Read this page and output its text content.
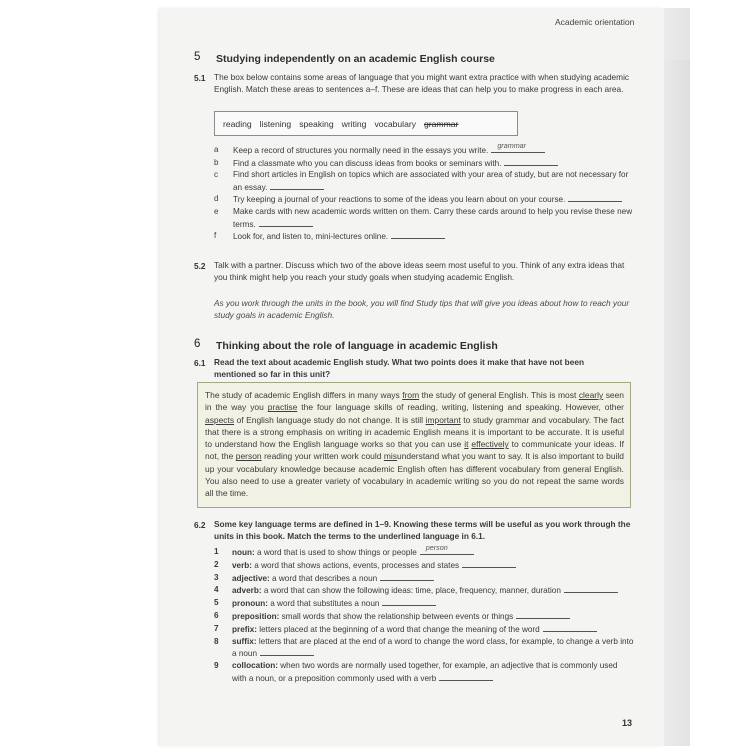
Academic orientation
5 Studying independently on an academic English course
5.1 The box below contains some areas of language that you might want extra practice with when studying academic English. Match these areas to sentences a–f. These are ideas that can help you to make progress in each area.
reading listening speaking writing vocabulary grammar
a	Keep a record of structures you normally need in the essays you write.
grammar
b	Find a classmate who you can discuss ideas from books or seminars with.
c	Find short articles in English on topics which are associated with your area of study, but are not necessary for an essay.
d	Try keeping a journal of your reactions to some of the ideas you learn about on your course.
e	Make cards with new academic words written on them. Carry these cards around to help you revise these new terms.
f	Look for, and listen to, mini-lectures online.
5.2 Talk with a partner. Discuss which two of the above ideas seem most useful to you. Think of any extra ideas that you think might help you reach your study goals when studying academic English.
As you work through the units in the book, you will find Study tips that will give you ideas about how to reach your study goals in academic English.
6 Thinking about the role of language in academic English
6.1 Read the text about academic English study. What two points does it make that have not been mentioned so far in this unit?
The study of academic English differs in many ways from the study of general English. This is most clearly seen in the way you practise the four language skills of reading, writing, listening and speaking. However, other aspects of English language study do not change. It is still important to study grammar and vocabulary. The fact that there is a strong emphasis on writing in academic English means it is important to be accurate. It is useful to understand how the English language works so that you can use it effectively to communicate your ideas. If not, the person reading your written work could misunderstand what you want to say. It is also important to build up your vocabulary knowledge because academic English often has different vocabulary from general English. You also need to use a greater variety of vocabulary in academic writing so you do not repeat the same words all the time.
6.2 Some key language terms are defined in 1–9. Knowing these terms will be useful as you work through the units in this book. Match the terms to the underlined language in 6.1.
1	noun: a word that is used to show things or people
person
2	verb: a word that shows actions, events, processes and states
3	adjective: a word that describes a noun
4	adverb: a word that can show the following ideas: time, place, frequency, manner, duration
5	pronoun: a word that substitutes a noun
6	preposition: small words that show the relationship between events or things
7	prefix: letters placed at the beginning of a word that change the meaning of the word
8	suffix: letters that are placed at the end of a word to change the word class, for example, to change a verb into a noun
9	collocation: when two words are normally used together, for example, an adjective that is commonly used with a noun, or a preposition commonly used with a verb
13
